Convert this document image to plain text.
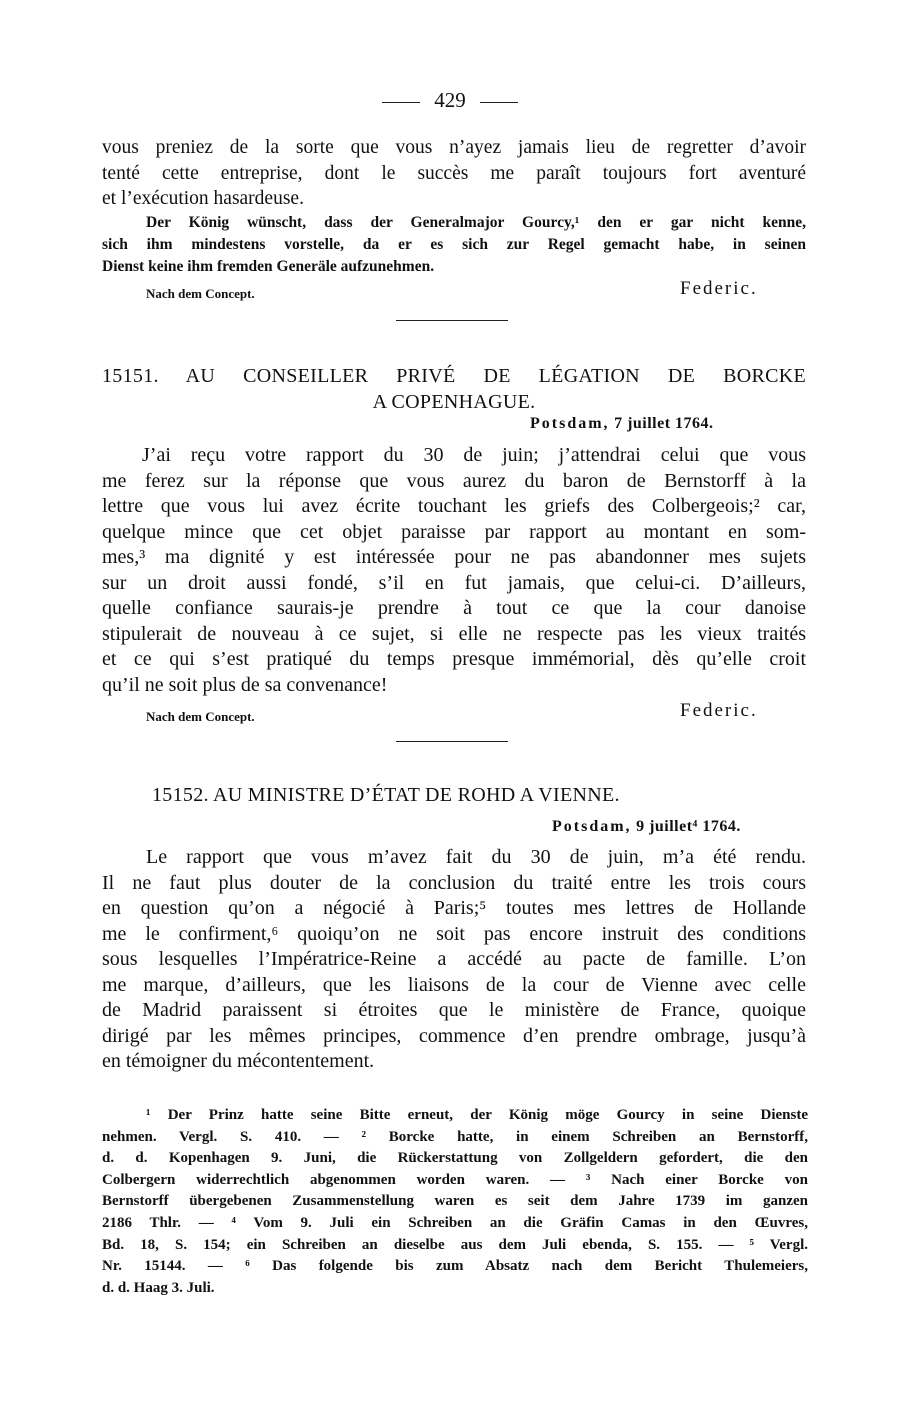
429
vous preniez de la sorte que vous n’ayez jamais lieu de regretter d’avoir
tenté cette entreprise, dont le succès me paraît toujours fort aventuré
et l’exécution hasardeuse.
Der König wünscht, dass der Generalmajor Gourcy,¹ den er gar nicht kenne,
sich ihm mindestens vorstelle, da er es sich zur Regel gemacht habe, in seinen
Dienst keine ihm fremden Generäle aufzunehmen.
Nach dem Concept.	Federic.
15151. AU CONSEILLER PRIVÉ DE LÉGATION DE BORCKE
A COPENHAGUE.
Potsdam, 7 juillet 1764.
J’ai reçu votre rapport du 30 de juin; j’attendrai celui que vous
me ferez sur la réponse que vous aurez du baron de Bernstorff à la
lettre que vous lui avez écrite touchant les griefs des Colbergeois;² car,
quelque mince que cet objet paraisse par rapport au montant en som-
mes,³ ma dignité y est intéressée pour ne pas abandonner mes sujets
sur un droit aussi fondé, s’il en fut jamais, que celui-ci. D’ailleurs,
quelle confiance saurais-je prendre à tout ce que la cour danoise
stipulerait de nouveau à ce sujet, si elle ne respecte pas les vieux traités
et ce qui s’est pratiqué du temps presque immémorial, dès qu’elle croit
qu’il ne soit plus de sa convenance!
Nach dem Concept.	Federic.
15152. AU MINISTRE D’ÉTAT DE ROHD A VIENNE.
Potsdam, 9 juillet⁴ 1764.
Le rapport que vous m’avez fait du 30 de juin, m’a été rendu.
Il ne faut plus douter de la conclusion du traité entre les trois cours
en question qu’on a négocié à Paris;⁵ toutes mes lettres de Hollande
me le confirment,⁶ quoiqu’on ne soit pas encore instruit des conditions
sous lesquelles l’Impératrice-Reine a accédé au pacte de famille. L’on
me marque, d’ailleurs, que les liaisons de la cour de Vienne avec celle
de Madrid paraissent si étroites que le ministère de France, quoique
dirigé par les mêmes principes, commence d’en prendre ombrage, jusqu’à
en témoigner du mécontentement.
¹ Der Prinz hatte seine Bitte erneut, der König möge Gourcy in seine Dienste
nehmen. Vergl. S. 410. — ² Borcke hatte, in einem Schreiben an Bernstorff,
d. d. Kopenhagen 9. Juni, die Rückerstattung von Zollgeldern gefordert, die den
Colbergern widerrechtlich abgenommen worden waren. — ³ Nach einer Borcke von
Bernstorff übergebenen Zusammenstellung waren es seit dem Jahre 1739 im ganzen
2186 Thlr. — ⁴ Vom 9. Juli ein Schreiben an die Gräfin Camas in den Œuvres,
Bd. 18, S. 154; ein Schreiben an dieselbe aus dem Juli ebenda, S. 155. — ⁵ Vergl.
Nr. 15144. — ⁶ Das folgende bis zum Absatz nach dem Bericht Thulemeiers,
d. d. Haag 3. Juli.
